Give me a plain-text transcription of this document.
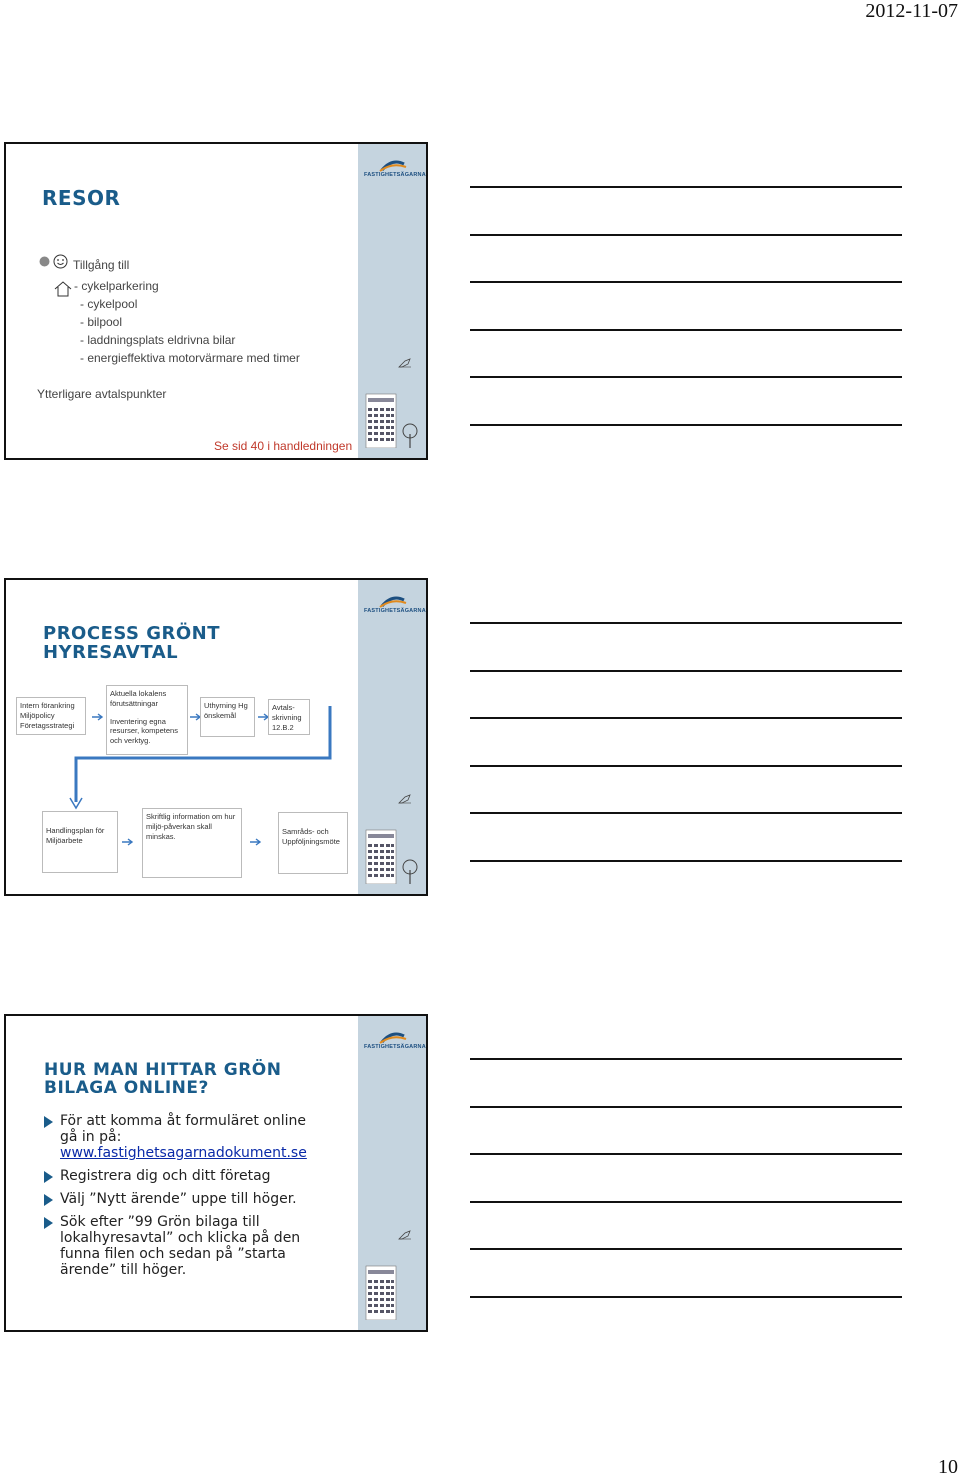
2012-11-07
FASTIGHETSÄGARNA
RESOR
Tillgång till
- cykelparkering
- cykelpool
- bilpool
- laddningsplats eldrivna bilar
- energieffektiva motorvärmare med timer
Ytterligare avtalspunkter
Se sid 40 i handledningen
FASTIGHETSÄGARNA
PROCESS GRÖNT
HYRESAVTAL
Intern förankring Miljöpolicy Företagsstrategi
Aktuella lokalens förutsättningar
Inventering egna resurser, kompetens och verktyg.
Uthyrning Hg önskemål
Avtals-skrivning 12.B.2
Handlingsplan för Miljöarbete
Skriftlig information om hur miljö-påverkan skall minskas.	Samråds- och Uppföljningsmöte
FASTIGHETSÄGARNA
HUR MAN HITTAR GRÖN
BILAGA ONLINE?
För att komma åt formuläret online gå in på:
www.fastighetsagarnadokument.se
Registrera dig och ditt företag
Välj ”Nytt ärende” uppe till höger.
Sök efter ”99 Grön bilaga till lokalhyresavtal” och klicka på den funna filen och sedan på ”starta ärende” till höger.
10
